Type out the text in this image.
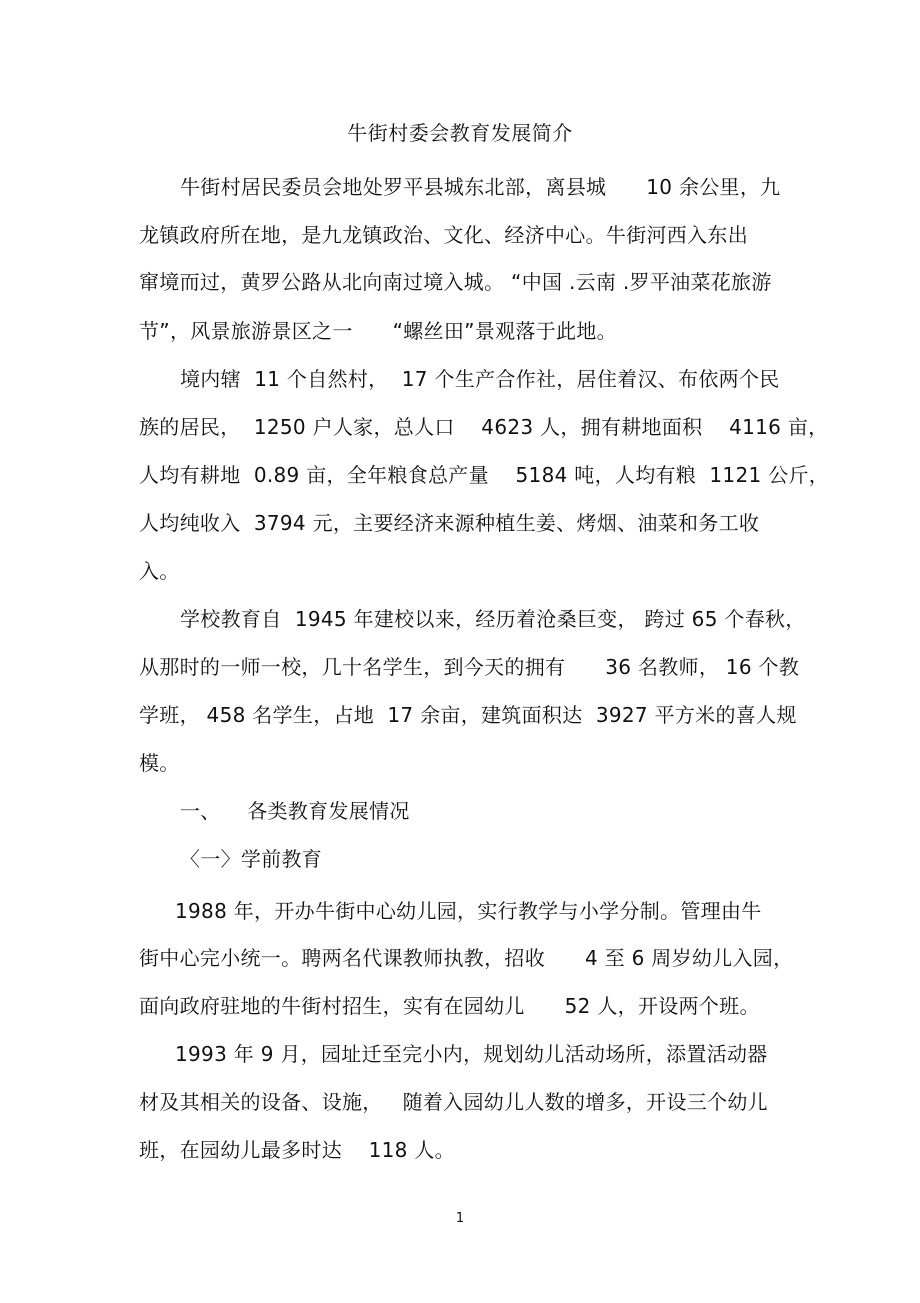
牛街村委会教育发展简介
牛街村居民委员会地处罗平县城东北部，离县城      10 余公里，九
龙镇政府所在地，是九龙镇政治、文化、经济中心。牛街河西入东出
窜境而过，黄罗公路从北向南过境入城。 “中国 .云南 .罗平油菜花旅游
节”，风景旅游景区之一      “螺丝田”景观落于此地。
境内辖  11 个自然村，  17 个生产合作社，居住着汉、布依两个民
族的居民，  1250 户人家，总人口    4623 人，拥有耕地面积    4116 亩，
人均有耕地  0.89 亩，全年粮食总产量    5184 吨，人均有粮  1121 公斤，
人均纯收入  3794 元，主要经济来源种植生姜、烤烟、油菜和务工收
入。
学校教育自  1945 年建校以来，经历着沧桑巨变， 跨过 65 个春秋，
从那时的一师一校，几十名学生，到今天的拥有      36 名教师， 16 个教
学班， 458 名学生，占地  17 余亩，建筑面积达  3927 平方米的喜人规
模。
一、    各类教育发展情况
〈一〉学前教育
1988 年，开办牛街中心幼儿园，实行教学与小学分制。管理由牛
街中心完小统一。聘两名代课教师执教，招收      4 至 6 周岁幼儿入园，
面向政府驻地的牛街村招生，实有在园幼儿      52 人，开设两个班。
1993 年 9 月，园址迁至完小内，规划幼儿活动场所，添置活动器
材及其相关的设备、设施，   随着入园幼儿人数的增多，开设三个幼儿
班，在园幼儿最多时达    118 人。
1
